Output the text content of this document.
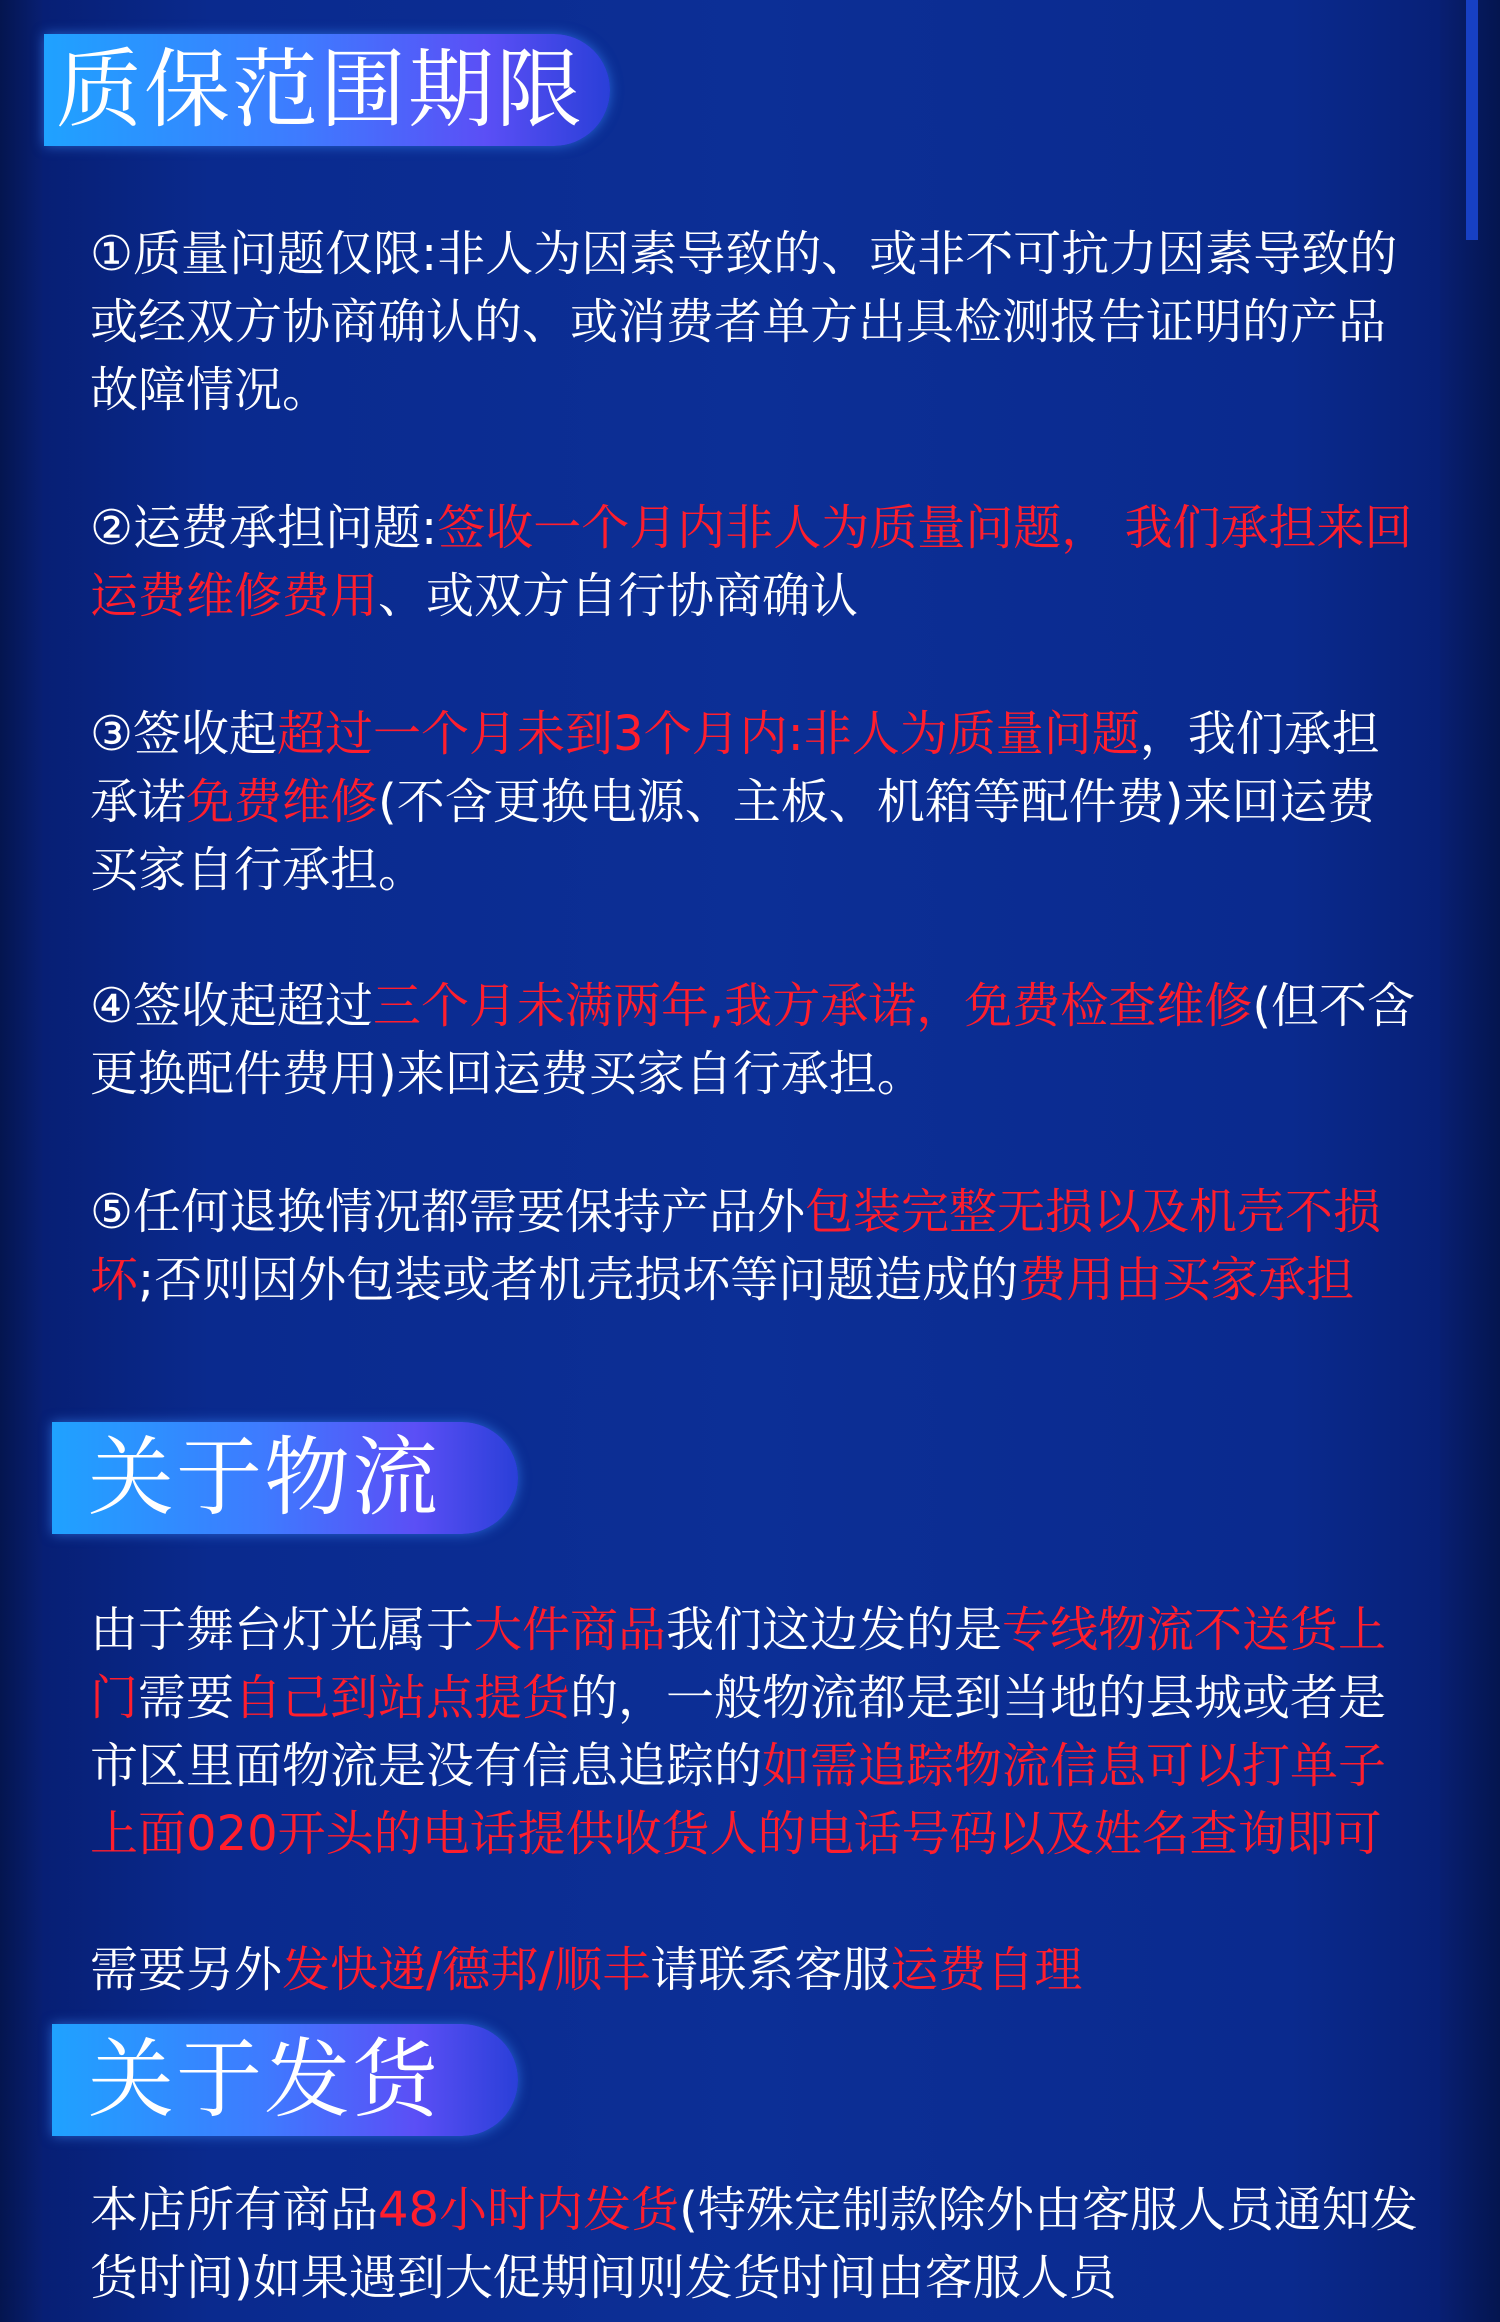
质保范围期限

①质量问题仅限:非人为因素导致的、或非不可抗力因素导致的或经双方协商确认的、或消费者单方出具检测报告证明的产品故障情况。

②运费承担问题:签收一个月内非人为质量问题， 我们承担来回运费维修费用、或双方自行协商确认

③签收起超过一个月未到3个月内:非人为质量问题，我们承担承诺免费维修(不含更换电源、主板、机箱等配件费)来回运费买家自行承担。

④签收起超过三个月未满两年,我方承诺，免费检查维修(但不含更换配件费用)来回运费买家自行承担。

⑤任何退换情况都需要保持产品外包装完整无损以及机壳不损坏;否则因外包装或者机壳损坏等问题造成的费用由买家承担

关于物流

由于舞台灯光属于大件商品我们这边发的是专线物流不送货上门需要自己到站点提货的，一般物流都是到当地的县城或者是市区里面物流是没有信息追踪的如需追踪物流信息可以打单子上面020开头的电话提供收货人的电话号码以及姓名查询即可

需要另外发快递/德邦/顺丰请联系客服运费自理

关于发货

本店所有商品48小时内发货(特殊定制款除外由客服人员通知发货时间)如果遇到大促期间则发货时间由客服人员
